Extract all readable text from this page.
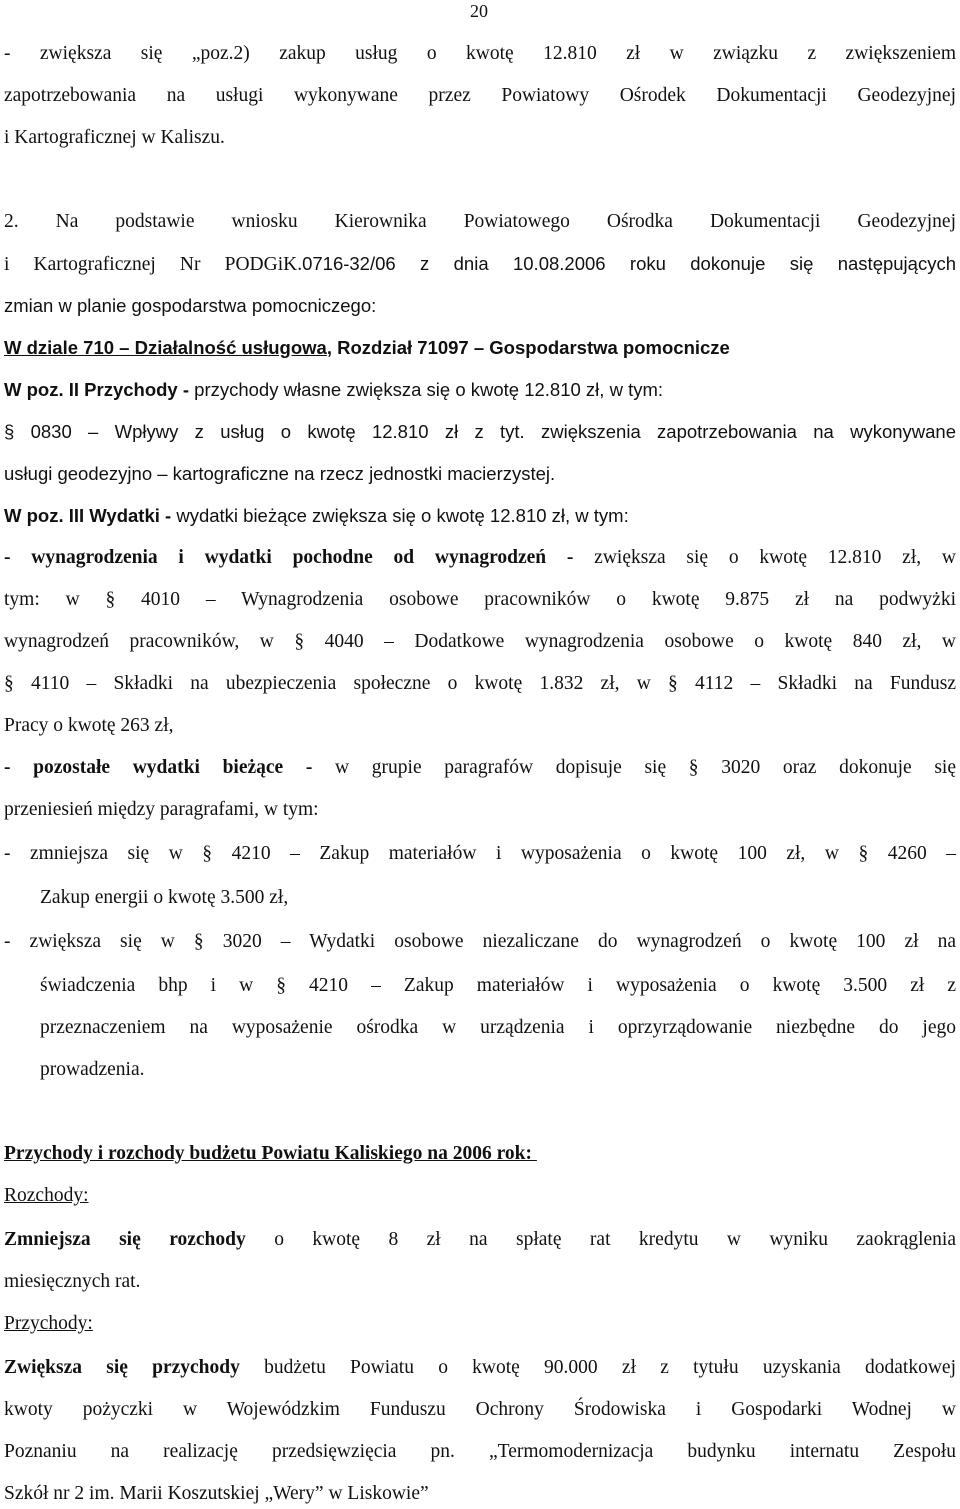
20
- zwiększa się „poz.2) zakup usług o kwotę 12.810 zł w związku z zwiększeniem
zapotrzebowania na usługi wykonywane przez Powiatowy Ośrodek Dokumentacji Geodezyjnej
i Kartograficznej w Kaliszu.
2. Na podstawie wniosku Kierownika Powiatowego Ośrodka Dokumentacji Geodezyjnej
i Kartograficznej Nr PODGiK.0716-32/06 z dnia 10.08.2006 roku dokonuje się następujących
zmian w planie gospodarstwa pomocniczego:
W dziale 710 – Działalność usługowa, Rozdział 71097 – Gospodarstwa pomocnicze
W poz. II Przychody - przychody własne zwiększa się o kwotę 12.810 zł, w tym:
§ 0830 – Wpływy z usług o kwotę 12.810 zł z tyt. zwiększenia zapotrzebowania na wykonywane
usługi geodezyjno – kartograficzne na rzecz jednostki macierzystej.
W poz. III Wydatki - wydatki bieżące zwiększa się o kwotę 12.810 zł, w tym:
- wynagrodzenia i wydatki pochodne od wynagrodzeń - zwiększa się o kwotę 12.810 zł, w
tym: w § 4010 – Wynagrodzenia osobowe pracowników o kwotę 9.875 zł na podwyżki
wynagrodzeń pracowników, w § 4040 – Dodatkowe wynagrodzenia osobowe o kwotę 840 zł, w
§ 4110 – Składki na ubezpieczenia społeczne o kwotę 1.832 zł, w § 4112 – Składki na Fundusz
Pracy o kwotę 263 zł,
- pozostałe wydatki bieżące - w grupie paragrafów dopisuje się § 3020 oraz dokonuje się
przeniesień między paragrafami, w tym:
- zmniejsza się w § 4210 – Zakup materiałów i wyposażenia o kwotę 100 zł, w § 4260 –
Zakup energii o kwotę 3.500 zł,
- zwiększa się w § 3020 – Wydatki osobowe niezaliczane do wynagrodzeń o kwotę 100 zł na
świadczenia bhp i w § 4210 – Zakup materiałów i wyposażenia o kwotę 3.500 zł z
przeznaczeniem na wyposażenie ośrodka w urządzenia i oprzyrządowanie niezbędne do jego
prowadzenia.
Przychody i rozchody budżetu Powiatu Kaliskiego na 2006 rok:
Rozchody:
Zmniejsza się rozchody o kwotę 8 zł na spłatę rat kredytu w wyniku zaokrąglenia
miesięcznych rat.
Przychody:
Zwiększa się przychody budżetu Powiatu o kwotę 90.000 zł z tytułu uzyskania dodatkowej
kwoty pożyczki w Wojewódzkim Funduszu Ochrony Środowiska i Gospodarki Wodnej w
Poznaniu na realizację przedsięwzięcia pn. „Termomodernizacja budynku internatu Zespołu
Szkół nr 2 im. Marii Koszutskiej „Wery” w Liskowie”
